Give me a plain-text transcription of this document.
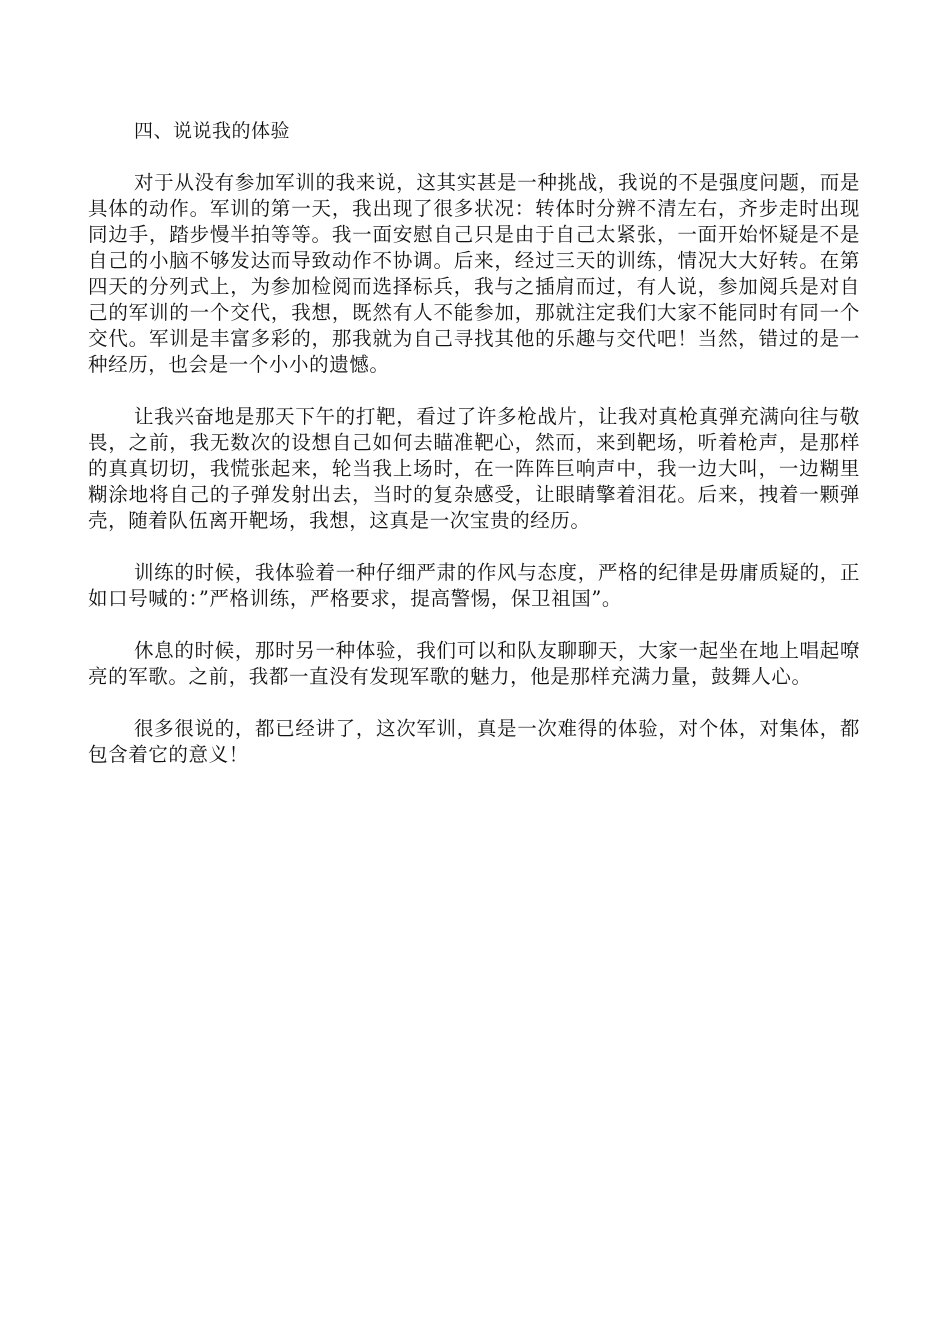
四、说说我的体验

对于从没有参加军训的我来说，这其实甚是一种挑战，我说的不是强度问题，而是具体的动作。军训的第一天，我出现了很多状况：转体时分辨不清左右，齐步走时出现同边手，踏步慢半拍等等。我一面安慰自己只是由于自己太紧张，一面开始怀疑是不是自己的小脑不够发达而导致动作不协调。后来，经过三天的训练，情况大大好转。在第四天的分列式上，为参加检阅而选择标兵，我与之插肩而过，有人说，参加阅兵是对自己的军训的一个交代，我想，既然有人不能参加，那就注定我们大家不能同时有同一个交代。军训是丰富多彩的，那我就为自己寻找其他的乐趣与交代吧！当然，错过的是一种经历，也会是一个小小的遗憾。

让我兴奋地是那天下午的打靶，看过了许多枪战片，让我对真枪真弹充满向往与敬畏，之前，我无数次的设想自己如何去瞄准靶心，然而，来到靶场，听着枪声，是那样的真真切切，我慌张起来，轮当我上场时，在一阵阵巨响声中，我一边大叫，一边糊里糊涂地将自己的子弹发射出去，当时的复杂感受，让眼睛擎着泪花。后来，拽着一颗弹壳，随着队伍离开靶场，我想，这真是一次宝贵的经历。

训练的时候，我体验着一种仔细严肃的作风与态度，严格的纪律是毋庸质疑的，正如口号喊的：”严格训练，严格要求，提高警惕，保卫祖国”。

休息的时候，那时另一种体验，我们可以和队友聊聊天，大家一起坐在地上唱起嘹亮的军歌。之前，我都一直没有发现军歌的魅力，他是那样充满力量，鼓舞人心。

很多很说的，都已经讲了，这次军训，真是一次难得的体验，对个体，对集体，都包含着它的意义！
